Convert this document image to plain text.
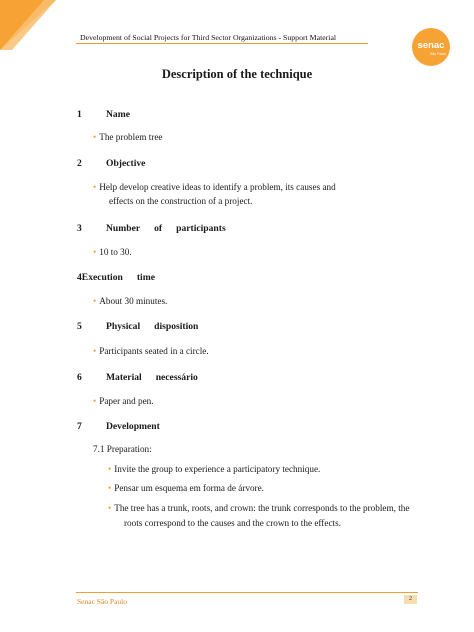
Development of Social Projects for Third Sector Organizations - Support Material
senac
São Paulo
Description of the technique
1	Name
• The problem tree
2	Objective
• Help develop creative ideas to identify a problem, its causes and
effects on the construction of a project.
3	Number of participants
• 10 to 30.
4Execution time
• About 30 minutes.
5	Physical disposition
• Participants seated in a circle.
6	Material necessário
• Paper and pen.
7	Development
7.1 Preparation:
• Invite the group to experience a participatory technique.
• Pensar um esquema em forma de árvore.
• The tree has a trunk, roots, and crown: the trunk corresponds to the problem, the
roots correspond to the causes and the crown to the effects.
Senac São Paulo	2
